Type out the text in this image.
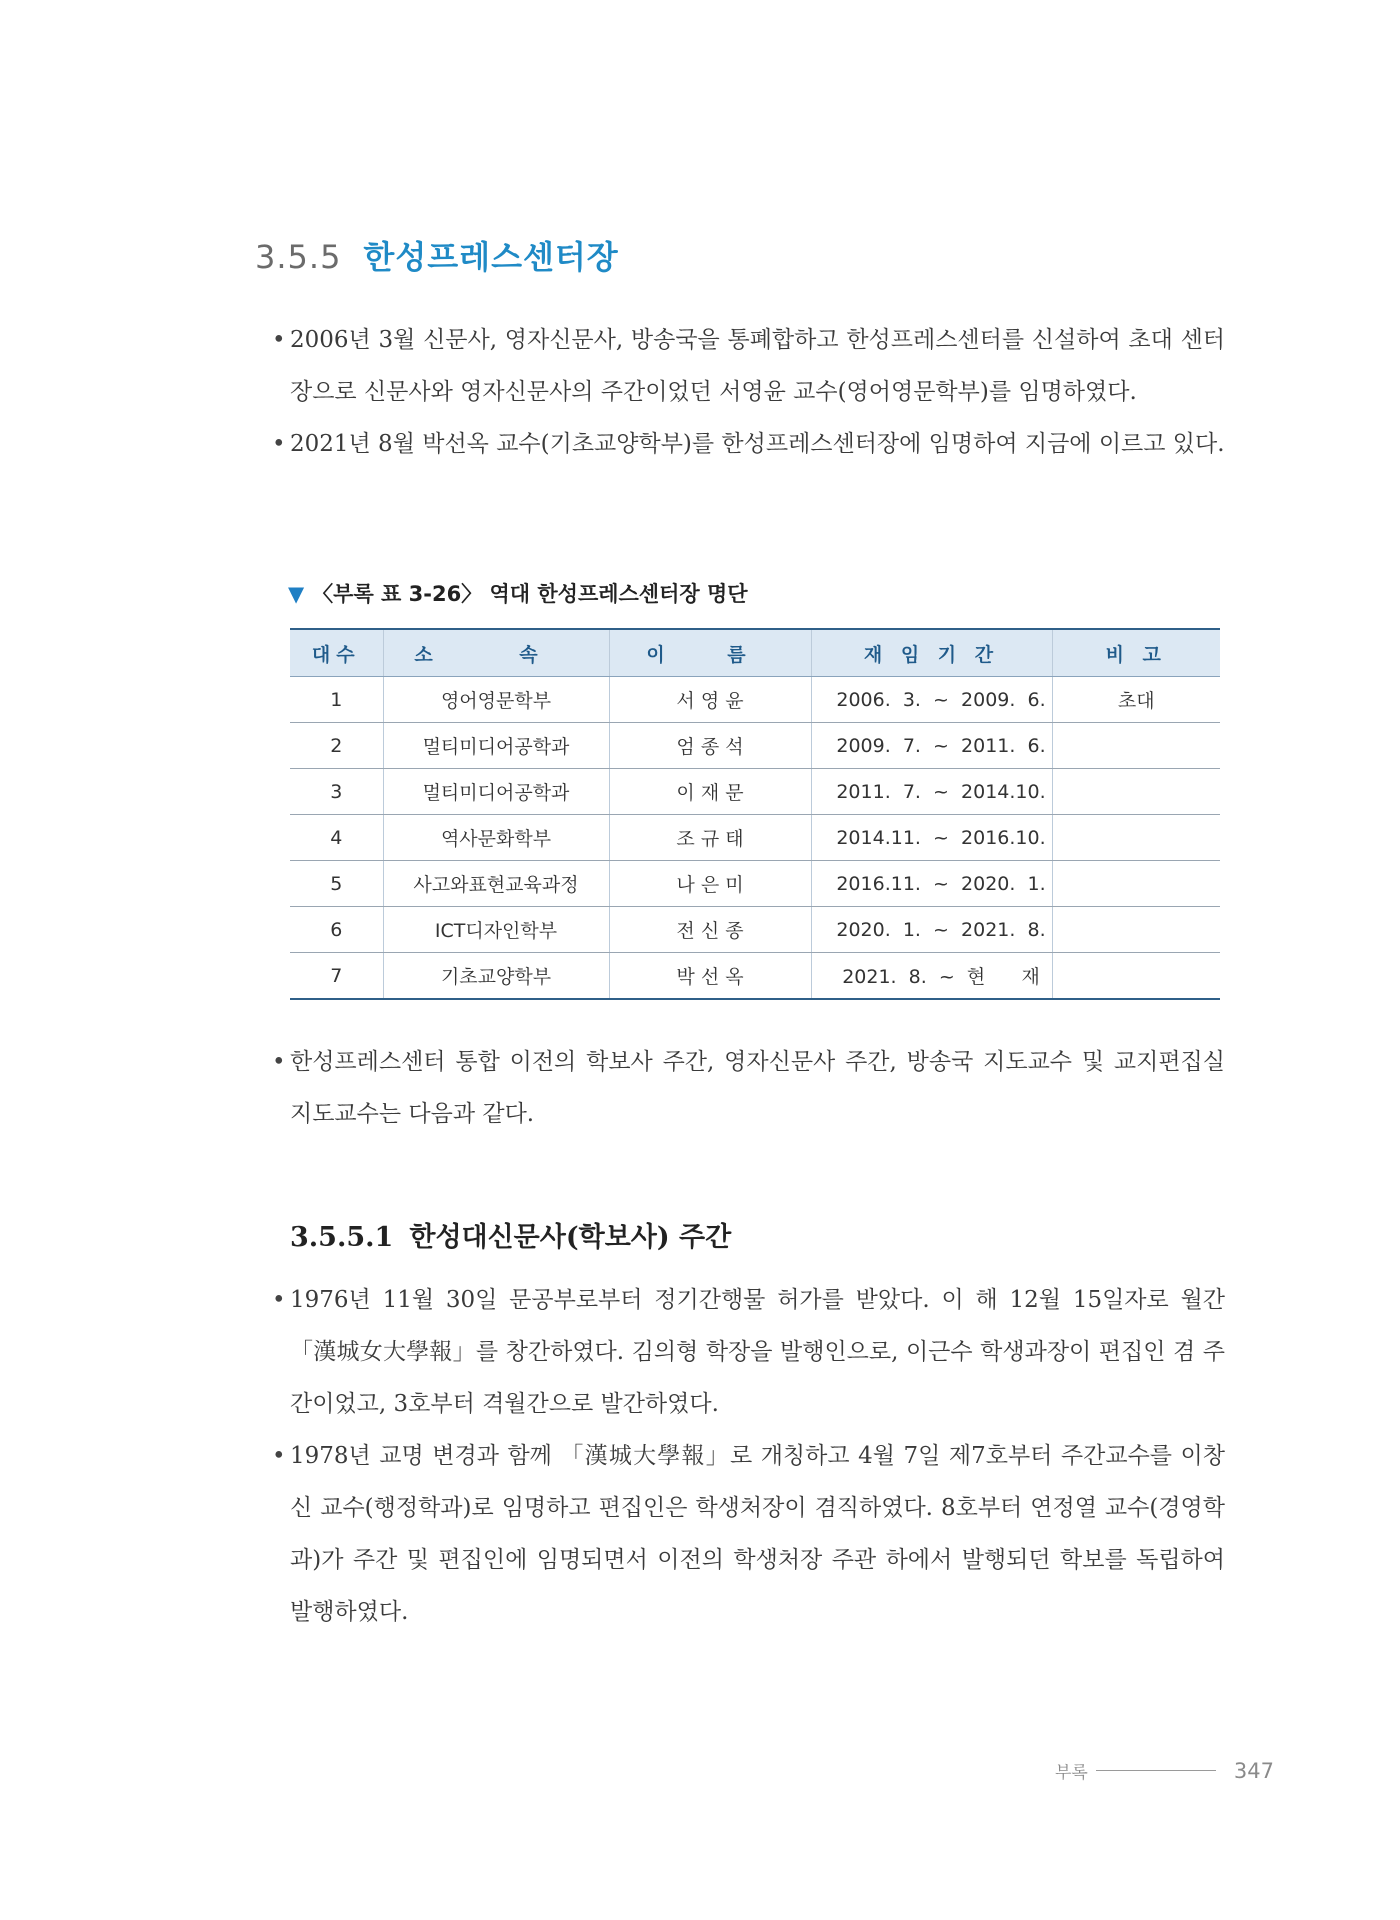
3.5.5 한성프레스센터장
• 2006년 3월 신문사, 영자신문사, 방송국을 통폐합하고 한성프레스센터를 신설하여 초대 센터장으로 신문사와 영자신문사의 주간이었던 서영윤 교수(영어영문학부)를 임명하였다.
• 2021년 8월 박선옥 교수(기초교양학부)를 한성프레스센터장에 임명하여 지금에 이르고 있다.
▼ 〈부록 표 3-26〉 역대 한성프레스센터장 명단
대수	소 속	이 름	재 임 기 간	비 고
1	영어영문학부	서 영 윤	2006.  3.  ~  2009.  6.	초대
2	멀티미디어공학과	엄 종 석	2009.  7.  ~  2011.  6.	
3	멀티미디어공학과	이 재 문	2011.  7.  ~  2014.10.	
4	역사문화학부	조 규 태	2014.11.  ~  2016.10.	
5	사고와표현교육과정	나 은 미	2016.11.  ~  2020.  1.	
6	ICT디자인학부	전 신 종	2020.  1.  ~  2021.  8.	
7	기초교양학부	박 선 옥	2021.  8.  ~  현      재	
• 한성프레스센터 통합 이전의 학보사 주간, 영자신문사 주간, 방송국 지도교수 및 교지편집실 지도교수는 다음과 같다.
3.5.5.1 한성대신문사(학보사) 주간
• 1976년 11월 30일 문공부로부터 정기간행물 허가를 받았다. 이 해 12월 15일자로 월간 「漢城女大學報」를 창간하였다. 김의형 학장을 발행인으로, 이근수 학생과장이 편집인 겸 주간이었고, 3호부터 격월간으로 발간하였다.
• 1978년 교명 변경과 함께 「漢城大學報」로 개칭하고 4월 7일 제7호부터 주간교수를 이창신 교수(행정학과)로 임명하고 편집인은 학생처장이 겸직하였다. 8호부터 연정열 교수(경영학과)가 주간 및 편집인에 임명되면서 이전의 학생처장 주관 하에서 발행되던 학보를 독립하여 발행하였다.
부록	347
